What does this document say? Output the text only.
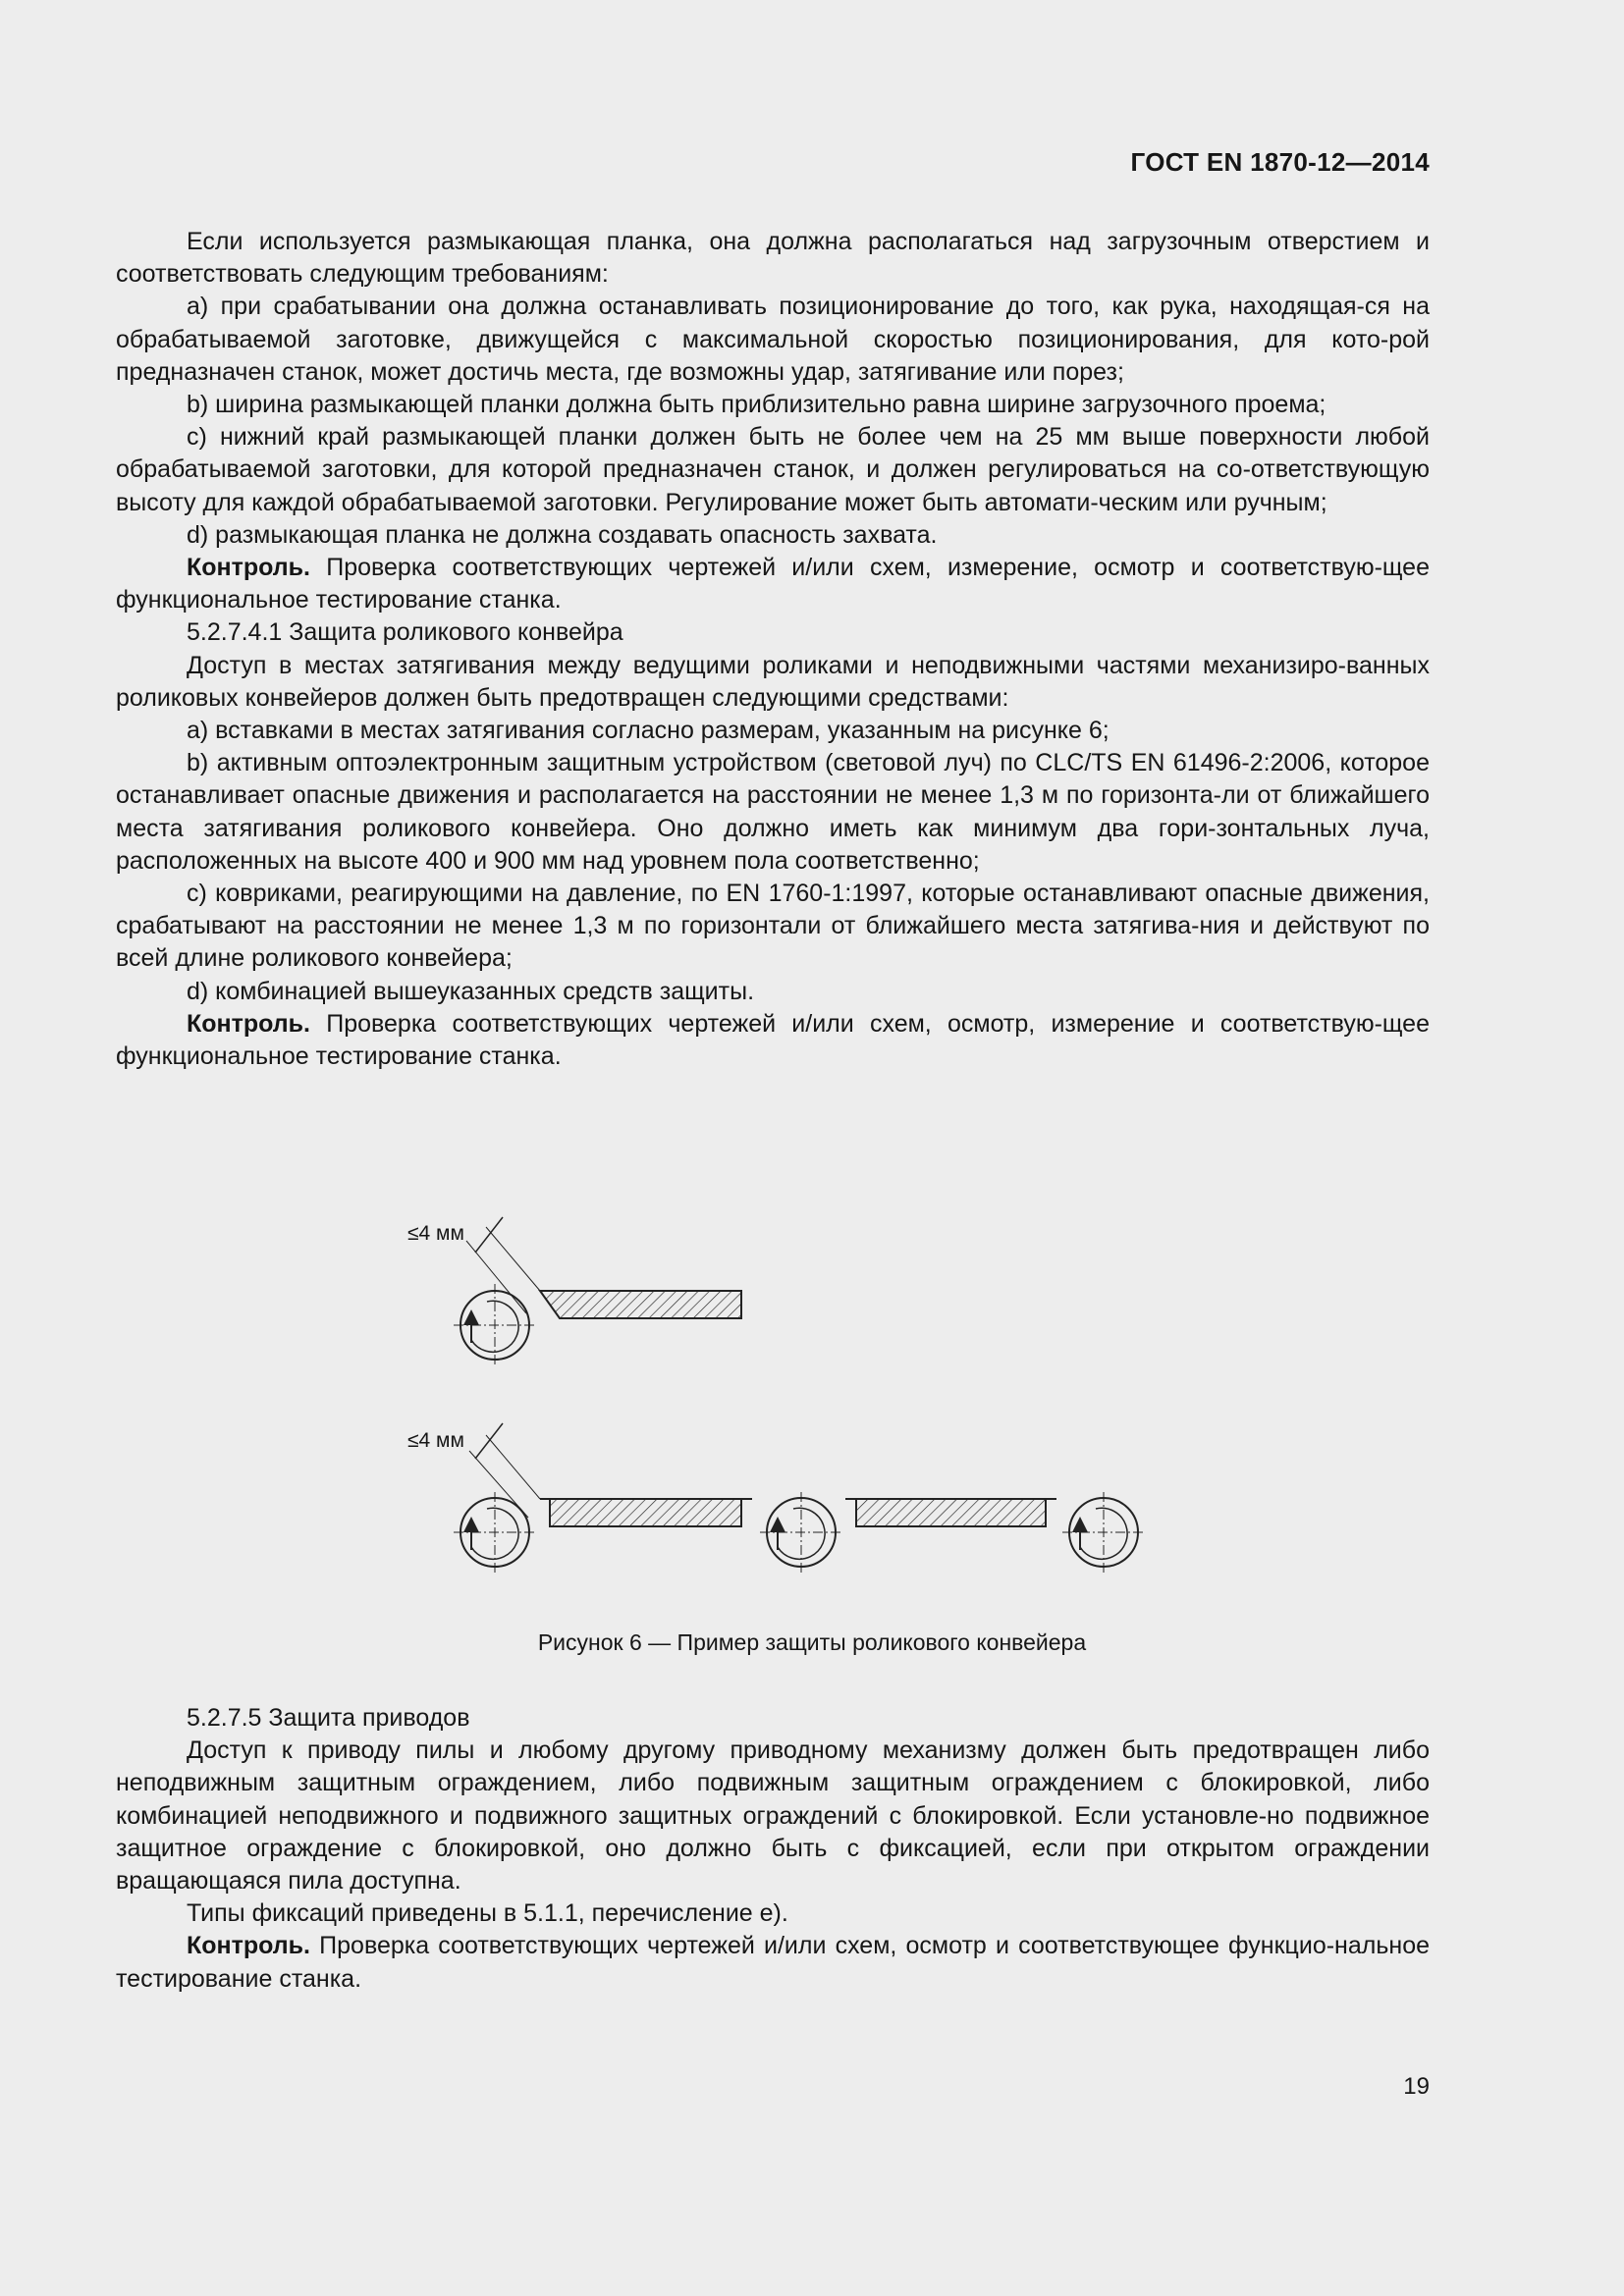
ГОСТ EN 1870-12—2014

Если используется размыкающая планка, она должна располагаться над загрузочным отверстием и соответствовать следующим требованиям:

a) при срабатывании она должна останавливать позиционирование до того, как рука, находящая-ся на обрабатываемой заготовке, движущейся с максимальной скоростью позиционирования, для кото-рой предназначен станок, может достичь места, где возможны удар, затягивание или порез;

b) ширина размыкающей планки должна быть приблизительно равна ширине загрузочного проема;

c) нижний край размыкающей планки должен быть не более чем на 25 мм выше поверхности любой обрабатываемой заготовки, для которой предназначен станок, и должен регулироваться на со-ответствующую высоту для каждой обрабатываемой заготовки. Регулирование может быть автомати-ческим или ручным;

d) размыкающая планка не должна создавать опасность захвата.

Контроль. Проверка соответствующих чертежей и/или схем, измерение, осмотр и соответствую-щее функциональное тестирование станка.

5.2.7.4.1 Защита роликового конвейра

Доступ в местах затягивания между ведущими роликами и неподвижными частями механизиро-ванных роликовых конвейеров должен быть предотвращен следующими средствами:

a) вставками в местах затягивания согласно размерам, указанным на рисунке 6;

b) активным оптоэлектронным защитным устройством (световой луч) по CLC/TS EN 61496-2:2006, которое останавливает опасные движения и располагается на расстоянии не менее 1,3 м по горизонта-ли от ближайшего места затягивания роликового конвейера. Оно должно иметь как минимум два гори-зонтальных луча, расположенных на высоте 400 и 900 мм над уровнем пола соответственно;

c) ковриками, реагирующими на давление, по EN 1760-1:1997, которые останавливают опасные движения, срабатывают на расстоянии не менее 1,3 м по горизонтали от ближайшего места затягива-ния и действуют по всей длине роликового конвейера;

d) комбинацией вышеуказанных средств защиты.

Контроль. Проверка соответствующих чертежей и/или схем, осмотр, измерение и соответствую-щее функциональное тестирование станка.

≤4 мм
≤4 мм
Рисунок 6 — Пример защиты роликового конвейера

5.2.7.5 Защита приводов

Доступ к приводу пилы и любому другому приводному механизму должен быть предотвращен либо неподвижным защитным ограждением, либо подвижным защитным ограждением с блокировкой, либо комбинацией неподвижного и подвижного защитных ограждений с блокировкой. Если установле-но подвижное защитное ограждение с блокировкой, оно должно быть с фиксацией, если при открытом ограждении вращающаяся пила доступна.

Типы фиксаций приведены в 5.1.1, перечисление e).

Контроль. Проверка соответствующих чертежей и/или схем, осмотр и соответствующее функцио-нальное тестирование станка.

19
